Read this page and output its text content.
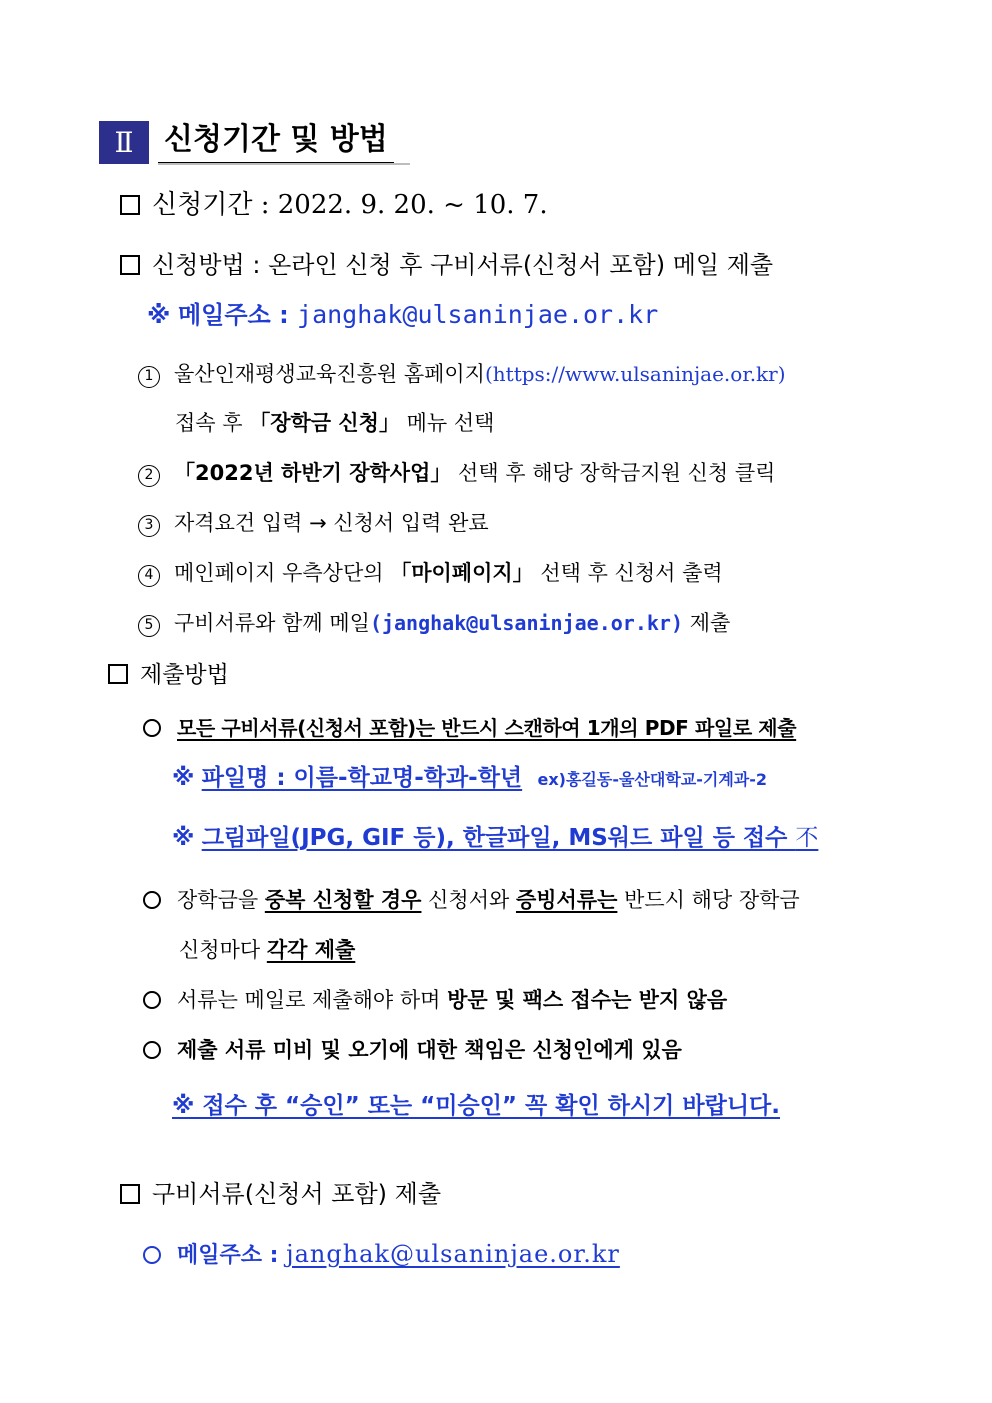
Ⅱ	신청기간 및 방법
신청기간 : 2022. 9. 20. ~ 10. 7.
신청방법 : 온라인 신청 후 구비서류(신청서 포함) 메일 제출
※ 메일주소 : janghak@ulsaninjae.or.kr
1 울산인재평생교육진흥원 홈페이지(https://www.ulsaninjae.or.kr)
접속 후 「장학금 신청」 메뉴 선택
2 「2022년 하반기 장학사업」 선택 후 해당 장학금지원 신청 클릭
3 자격요건 입력 → 신청서 입력 완료
4 메인페이지 우측상단의 「마이페이지」 선택 후 신청서 출력
5 구비서류와 함께 메일(janghak@ulsaninjae.or.kr) 제출
제출방법
모든 구비서류(신청서 포함)는 반드시 스캔하여 1개의 PDF 파일로 제출
※ 파일명 : 이름-학교명-학과-학년 ex)홍길동-울산대학교-기계과-2
※ 그림파일(JPG, GIF 등), 한글파일, MS워드 파일 등 접수 不
장학금을 중복 신청할 경우 신청서와 증빙서류는 반드시 해당 장학금
신청마다 각각 제출
서류는 메일로 제출해야 하며 방문 및 팩스 접수는 받지 않음
제출 서류 미비 및 오기에 대한 책임은 신청인에게 있음
※ 접수 후 “승인” 또는 “미승인” 꼭 확인 하시기 바랍니다.
구비서류(신청서 포함) 제출
메일주소 : janghak@ulsaninjae.or.kr
